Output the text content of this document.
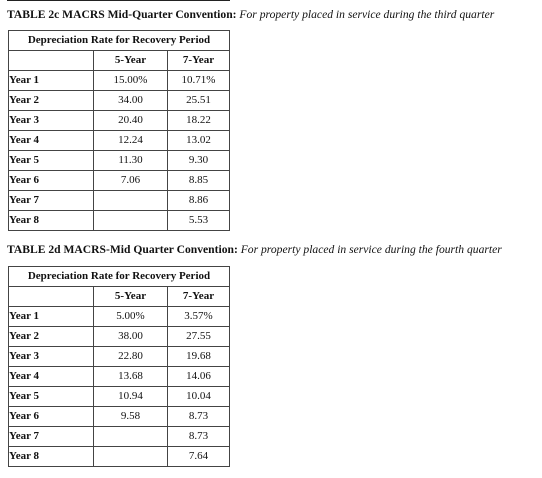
TABLE 2c MACRS Mid-Quarter Convention: For property placed in service during the third quarter
Depreciation Rate for Recovery Period		
	5-Year	7-Year
Year 1	15.00%	10.71%
Year 2	34.00	25.51
Year 3	20.40	18.22
Year 4	12.24	13.02
Year 5	11.30	9.30
Year 6	7.06	8.85
Year 7		8.86
Year 8		5.53
TABLE 2d MACRS-Mid Quarter Convention: For property placed in service during the fourth quarter
Depreciation Rate for Recovery Period		
	5-Year	7-Year
Year 1	5.00%	3.57%
Year 2	38.00	27.55
Year 3	22.80	19.68
Year 4	13.68	14.06
Year 5	10.94	10.04
Year 6	9.58	8.73
Year 7		8.73
Year 8		7.64
